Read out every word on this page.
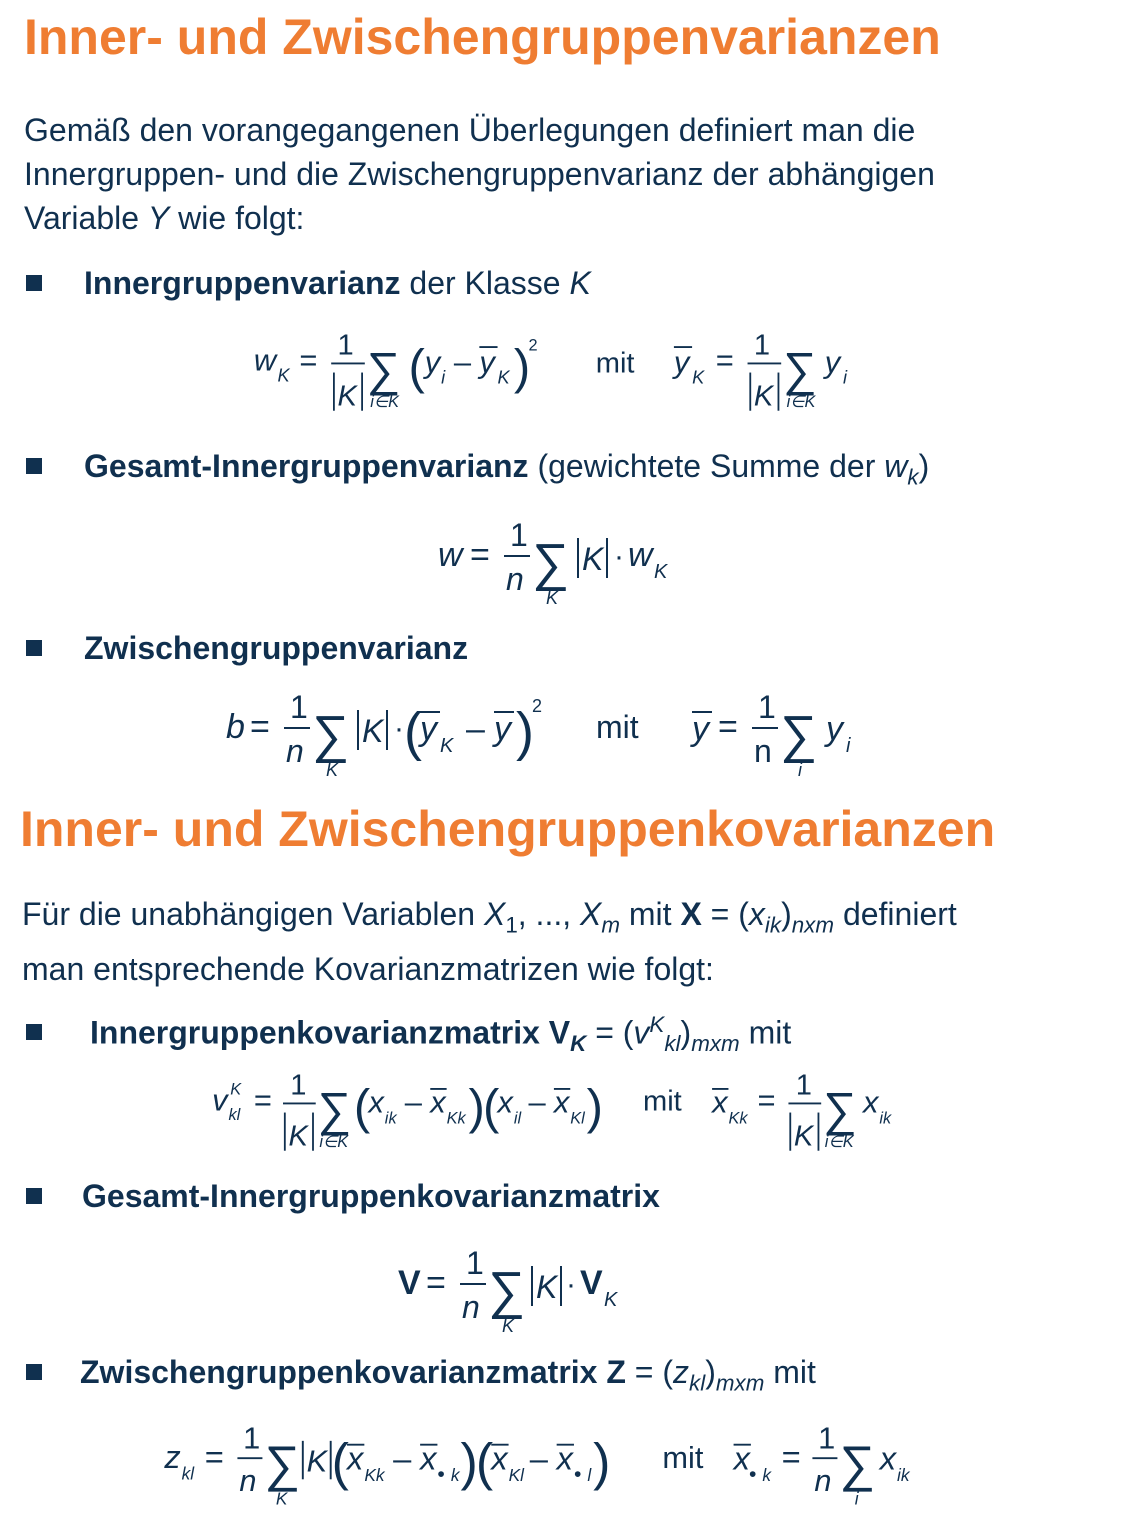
Inner- und Zwischengruppenvarianzen
Gemäß den vorangegangenen Überlegungen definiert man die
Innergruppen- und die Zwischengruppenvarianz der abhängigen
Variable Y wie folgt:
Innergruppenvarianz der Klasse K
w K = 1
K ∑
i∈K
( y i – y K )
2
mit y K = 1
K ∑
i∈K
y i
Gesamt-Innergruppenvarianz (gewichtete Summe der $w_k$)
w =
1
n ∑
K
K · w K
Zwischengruppenvarianz
b =
1
n ∑
K
K · (
y K – y )
2
mit y =
1
n ∑
i
y i
Inner- und Zwischengruppenkovarianzen
Für die unabhängigen Variablen $X_1$, ..., $X_m$ mit $X = (x_{ik})_{nxm}$ definiert
man entsprechende Kovarianzmatrizen wie folgt:
Innergruppenkovarianzmatrix $V_K = (v^K_{kl})_{mxm}$ mit
v K
kl = 1
K ∑
i∈K
(
x ik – x Kk )
(
x il – x Kl ) mit x Kk
= 1
K ∑
i∈K
x ik
Gesamt-Innergruppenkovarianzmatrix
V =
1
n ∑
K
K · V K
Zwischengruppenkovarianzmatrix $Z = (z_{kl})_{mxm}$ mit
z kl = 1
n ∑
K
K (
x Kk – x • k )
(
x Kl – x • l ) mit x • k
= 1
n ∑
i
x ik
